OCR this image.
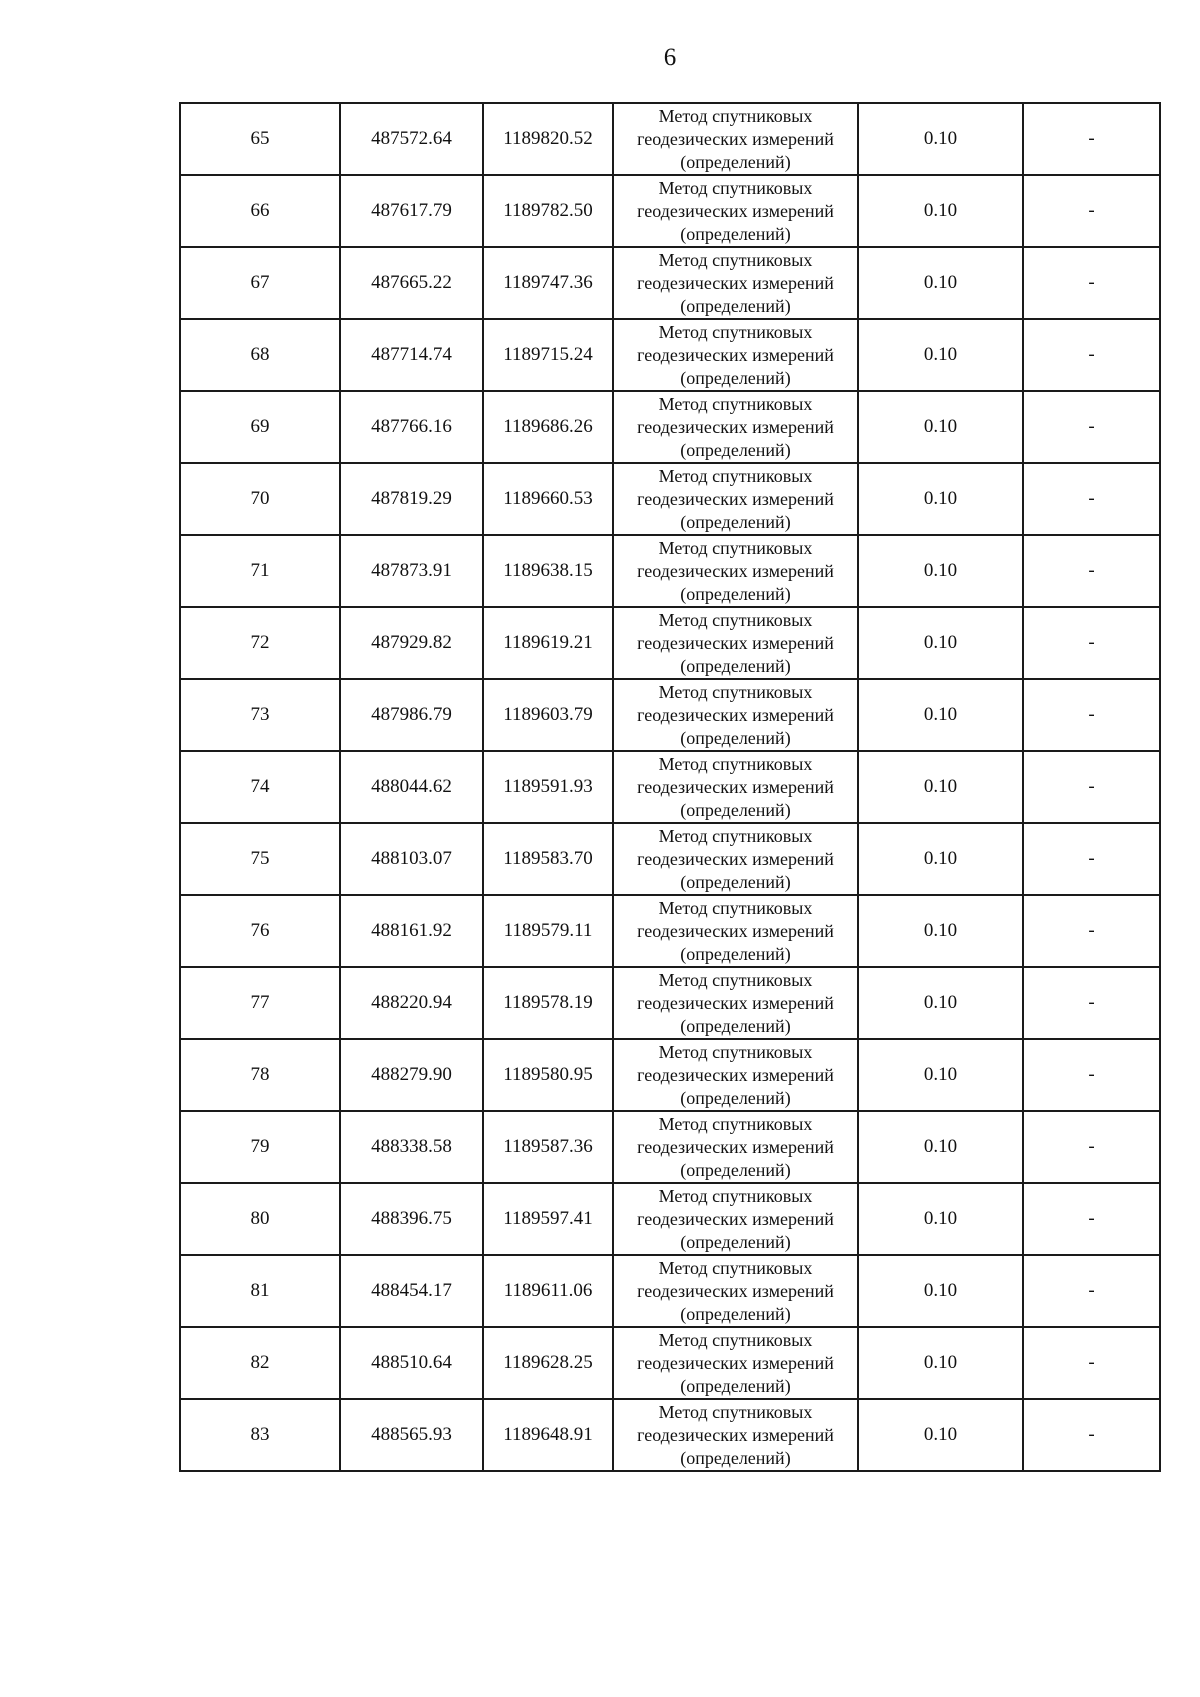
6
65	487572.64	1189820.52	Метод спутниковых геодезических измерений (определений)	0.10	-
66	487617.79	1189782.50	Метод спутниковых геодезических измерений (определений)	0.10	-
67	487665.22	1189747.36	Метод спутниковых геодезических измерений (определений)	0.10	-
68	487714.74	1189715.24	Метод спутниковых геодезических измерений (определений)	0.10	-
69	487766.16	1189686.26	Метод спутниковых геодезических измерений (определений)	0.10	-
70	487819.29	1189660.53	Метод спутниковых геодезических измерений (определений)	0.10	-
71	487873.91	1189638.15	Метод спутниковых геодезических измерений (определений)	0.10	-
72	487929.82	1189619.21	Метод спутниковых геодезических измерений (определений)	0.10	-
73	487986.79	1189603.79	Метод спутниковых геодезических измерений (определений)	0.10	-
74	488044.62	1189591.93	Метод спутниковых геодезических измерений (определений)	0.10	-
75	488103.07	1189583.70	Метод спутниковых геодезических измерений (определений)	0.10	-
76	488161.92	1189579.11	Метод спутниковых геодезических измерений (определений)	0.10	-
77	488220.94	1189578.19	Метод спутниковых геодезических измерений (определений)	0.10	-
78	488279.90	1189580.95	Метод спутниковых геодезических измерений (определений)	0.10	-
79	488338.58	1189587.36	Метод спутниковых геодезических измерений (определений)	0.10	-
80	488396.75	1189597.41	Метод спутниковых геодезических измерений (определений)	0.10	-
81	488454.17	1189611.06	Метод спутниковых геодезических измерений (определений)	0.10	-
82	488510.64	1189628.25	Метод спутниковых геодезических измерений (определений)	0.10	-
83	488565.93	1189648.91	Метод спутниковых геодезических измерений (определений)	0.10	-
